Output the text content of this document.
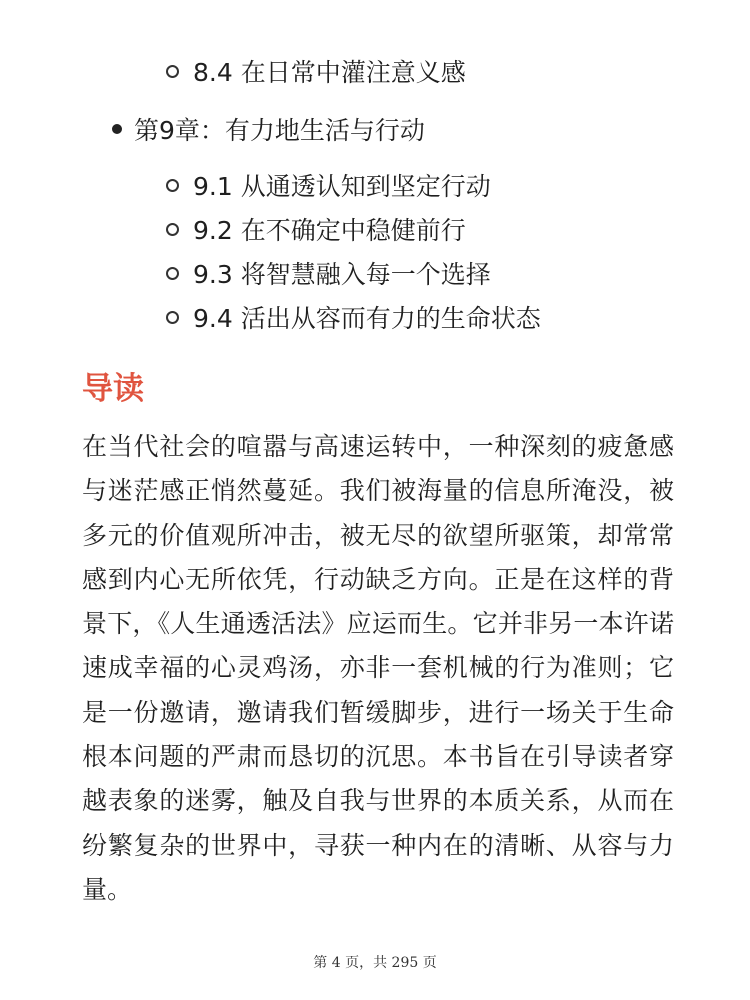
8.4 在日常中灌注意义感
第9章：有力地生活与行动
9.1 从通透认知到坚定行动
9.2 在不确定中稳健前行
9.3 将智慧融入每一个选择
9.4 活出从容而有力的生命状态
导读

在当代社会的喧嚣与高速运转中，一种深刻的疲惫感与迷茫感正悄然蔓延。我们被海量的信息所淹没，被多元的价值观所冲击，被无尽的欲望所驱策，却常常感到内心无所依凭，行动缺乏方向。正是在这样的背景下，《人生通透活法》应运而生。它并非另一本许诺速成幸福的心灵鸡汤，亦非一套机械的行为准则；它是一份邀请，邀请我们暂缓脚步，进行一场关于生命根本问题的严肃而恳切的沉思。本书旨在引导读者穿越表象的迷雾，触及自我与世界的本质关系，从而在纷繁复杂的世界中，寻获一种内在的清晰、从容与力量。

第 4 页，共 295 页
